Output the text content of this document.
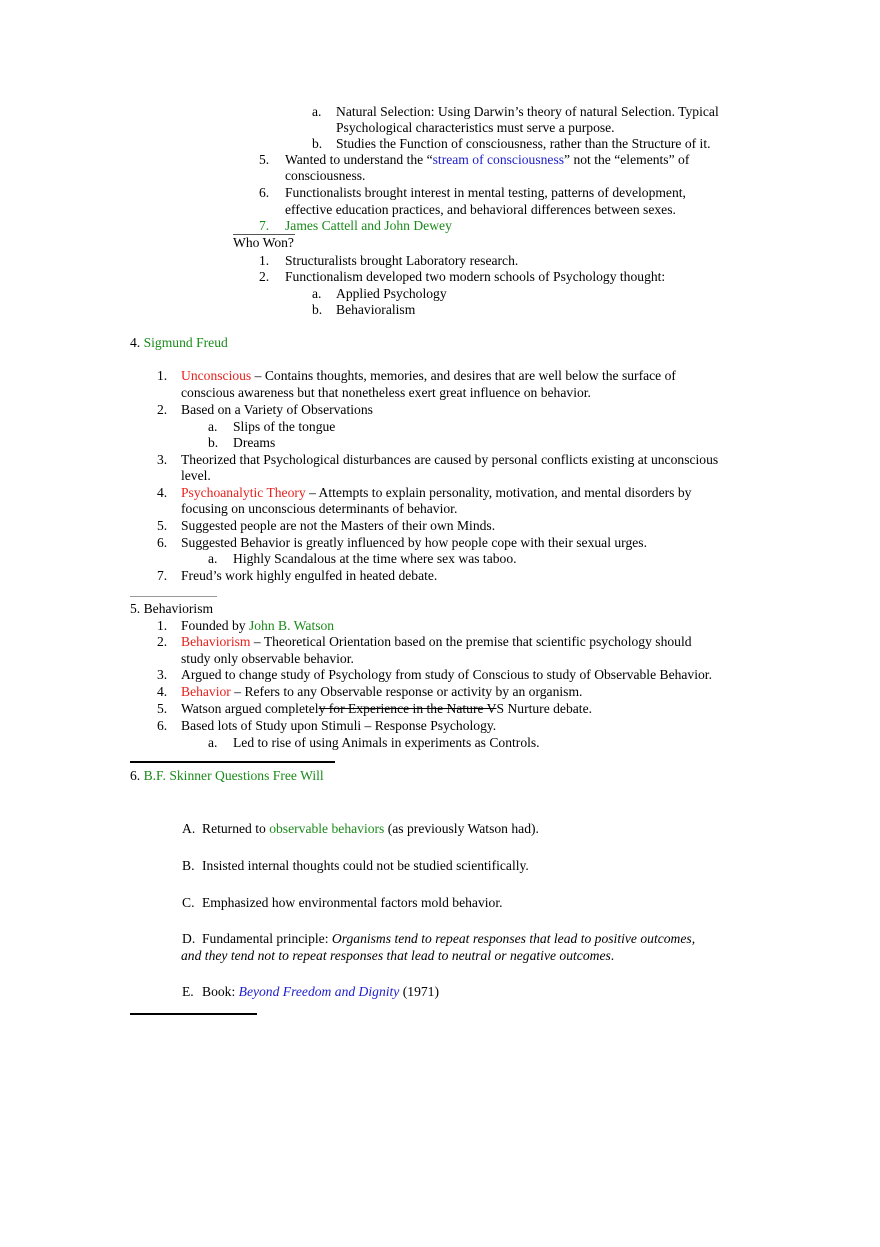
a. Natural Selection: Using Darwin’s theory of natural Selection. Typical
Psychological characteristics must serve a purpose.
b. Studies the Function of consciousness, rather than the Structure of it.
5. Wanted to understand the “stream of consciousness” not the “elements” of
consciousness.
6. Functionalists brought interest in mental testing, patterns of development,
effective education practices, and behavioral differences between sexes.
7. James Cattell and John Dewey
Who Won?
1. Structuralists brought Laboratory research.
2. Functionalism developed two modern schools of Psychology thought:
a. Applied Psychology
b. Behavioralism
4. Sigmund Freud
1. Unconscious – Contains thoughts, memories, and desires that are well below the surface of
conscious awareness but that nonetheless exert great influence on behavior.
2. Based on a Variety of Observations
a. Slips of the tongue
b. Dreams
3. Theorized that Psychological disturbances are caused by personal conflicts existing at unconscious
level.
4. Psychoanalytic Theory – Attempts to explain personality, motivation, and mental disorders by
focusing on unconscious determinants of behavior.
5. Suggested people are not the Masters of their own Minds.
6. Suggested Behavior is greatly influenced by how people cope with their sexual urges.
a. Highly Scandalous at the time where sex was taboo.
7. Freud’s work highly engulfed in heated debate.
5. Behaviorism
1. Founded by John B. Watson
2. Behaviorism – Theoretical Orientation based on the premise that scientific psychology should
study only observable behavior.
3. Argued to change study of Psychology from study of Conscious to study of Observable Behavior.
4. Behavior – Refers to any Observable response or activity by an organism.
5. Watson argued completely for Experience in the Nature VS Nurture debate.
6. Based lots of Study upon Stimuli – Response Psychology.
a. Led to rise of using Animals in experiments as Controls.
6. B.F. Skinner Questions Free Will
A. Returned to observable behaviors (as previously Watson had).
B. Insisted internal thoughts could not be studied scientifically.
C. Emphasized how environmental factors mold behavior.
D. Fundamental principle: Organisms tend to repeat responses that lead to positive outcomes,
and they tend not to repeat responses that lead to neutral or negative outcomes.
E. Book: Beyond Freedom and Dignity (1971)
